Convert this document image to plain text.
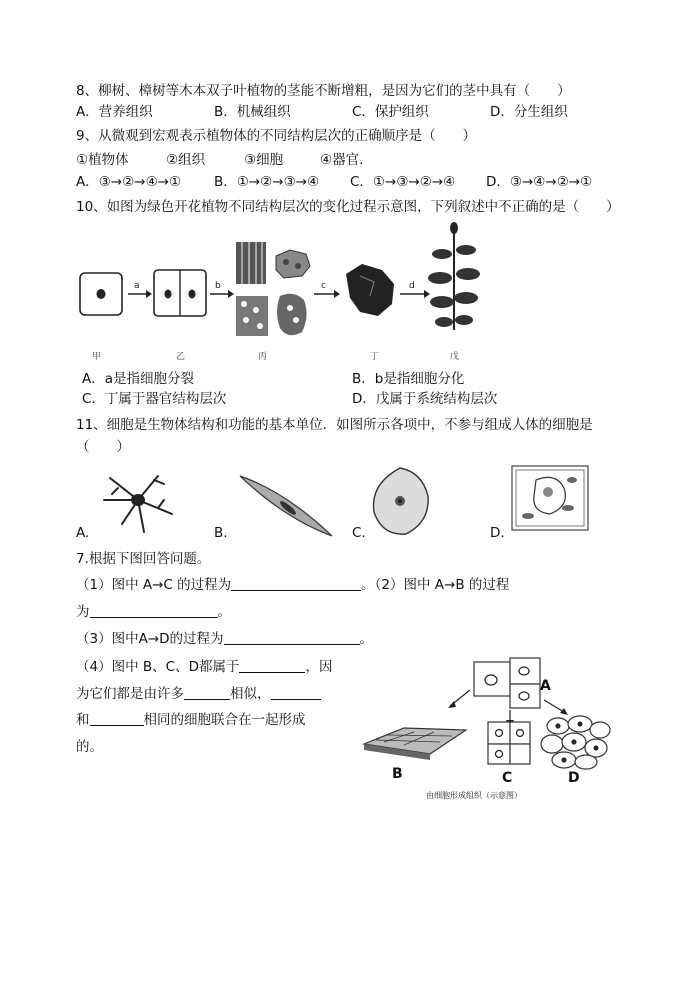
8、柳树、樟树等木本双子叶植物的茎能不断增粗，是因为它们的茎中具有（　　）
A．营养组织	B．机械组织	C．保护组织	D．分生组织
9、从微观到宏观表示植物体的不同结构层次的正确顺序是（　　）
①植物体	②组织	③细胞	④器官.
A．③→②→④→① B．①→②→③→④ C．①→③→②→④ D．③→④→②→①
10、如图为绿色开花植物不同结构层次的变化过程示意图，下列叙述中不正确的是（　　）
a	b	c	d
甲	乙	丙	丁	戊
A．a是指细胞分裂	B．b是指细胞分化
C．丁属于器官结构层次	D．戊属于系统结构层次
11、细胞是生物体结构和功能的基本单位．如图所示各项中，不参与组成人体的细胞是
（　　）
A.	B.	C.	D.
7.根据下图回答问题。
（1）图中 A→C 的过程为	。（2）图中 A→B 的过程
为	。
（3）图中A→D的过程为	。
（4）图中 B、C、D都属于	，因
为它们都是由许多	相似，
和	相同的细胞联合在一起形成
的。
A
B	C	D
由细胞形成组织（示意图）
